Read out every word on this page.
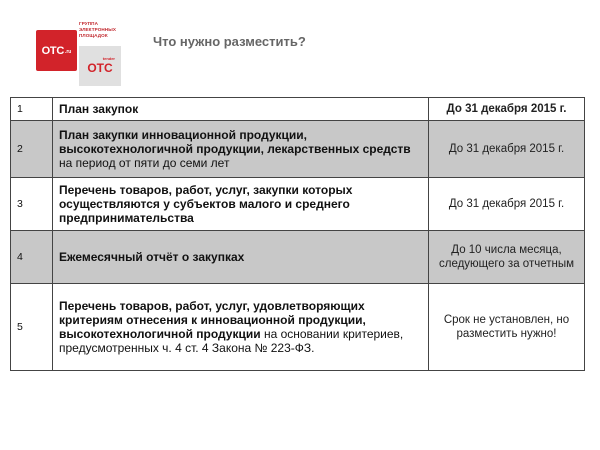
OTC .ru
ГРУППА
ЭЛЕКТРОННЫХ
ПЛОЩАДОК
tender
OTC
Что нужно разместить?
1	План закупок	До 31 декабря 2015 г.
2	План закупки инновационной продукции, высокотехнологичной продукции, лекарственных средств на период от пяти до семи лет	До 31 декабря 2015 г.
3	Перечень товаров, работ, услуг, закупки которых осуществляются у субъектов малого и среднего предпринимательства	До 31 декабря 2015 г.
4	Ежемесячный отчёт о закупках	До 10 числа месяца, следующего за отчетным
5	Перечень товаров, работ, услуг, удовлетворяющих критериям отнесения к инновационной продукции, высокотехнологичной продукции на основании критериев, предусмотренных ч. 4 ст. 4 Закона № 223-ФЗ.	Срок не установлен, но разместить нужно!
